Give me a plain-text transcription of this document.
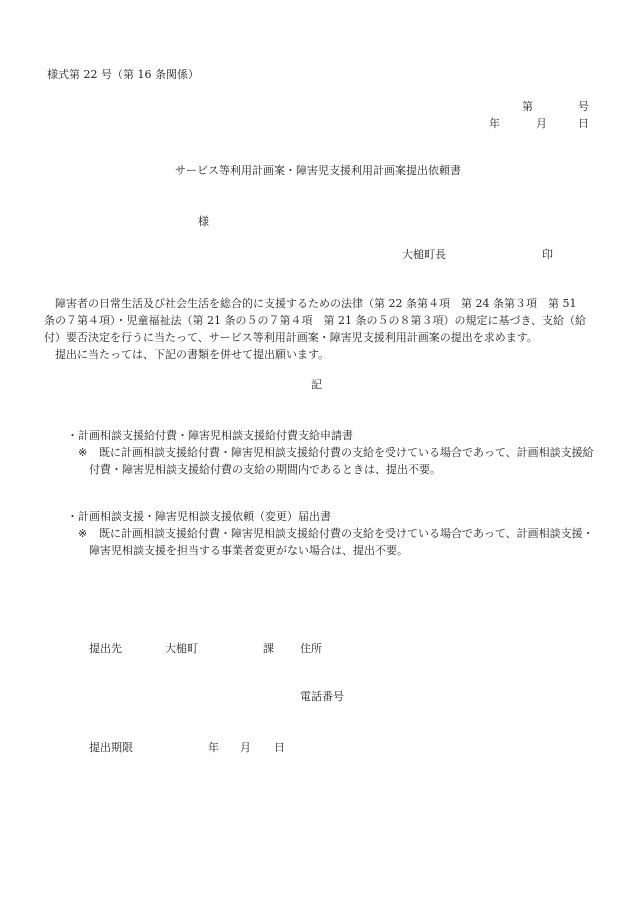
様式第 22 号（第 16 条関係）
第	号
年	月	日
サービス等利用計画案・障害児支援利用計画案提出依頼書
様
大槌町長	印
障害者の日常生活及び社会生活を総合的に支援するための法律（第 22 条第４項　第 24 条第３項　第 51 条の７第４項）・児童福祉法（第 21 条の５の７第４項　第 21 条の５の８第３項）の規定に基づき、支給（給付）要否決定を行うに当たって、サービス等利用計画案・障害児支援利用計画案の提出を求めます。
提出に当たっては、下記の書類を併せて提出願います。
記
・計画相談支援給付費・障害児相談支援給付費支給申請書
※ 既に計画相談支援給付費・障害児相談支援給付費の支給を受けている場合であって、計画相談支援給
付費・障害児相談支援給付費の支給の期間内であるときは、提出不要。
・計画相談支援・障害児相談支援依頼（変更）届出書
※ 既に計画相談支援給付費・障害児相談支援給付費の支給を受けている場合であって、計画相談支援・
障害児相談支援を担当する事業者変更がない場合は、提出不要。
提出先	大槌町	課 住所
電話番号
提出期限	年 月 日
